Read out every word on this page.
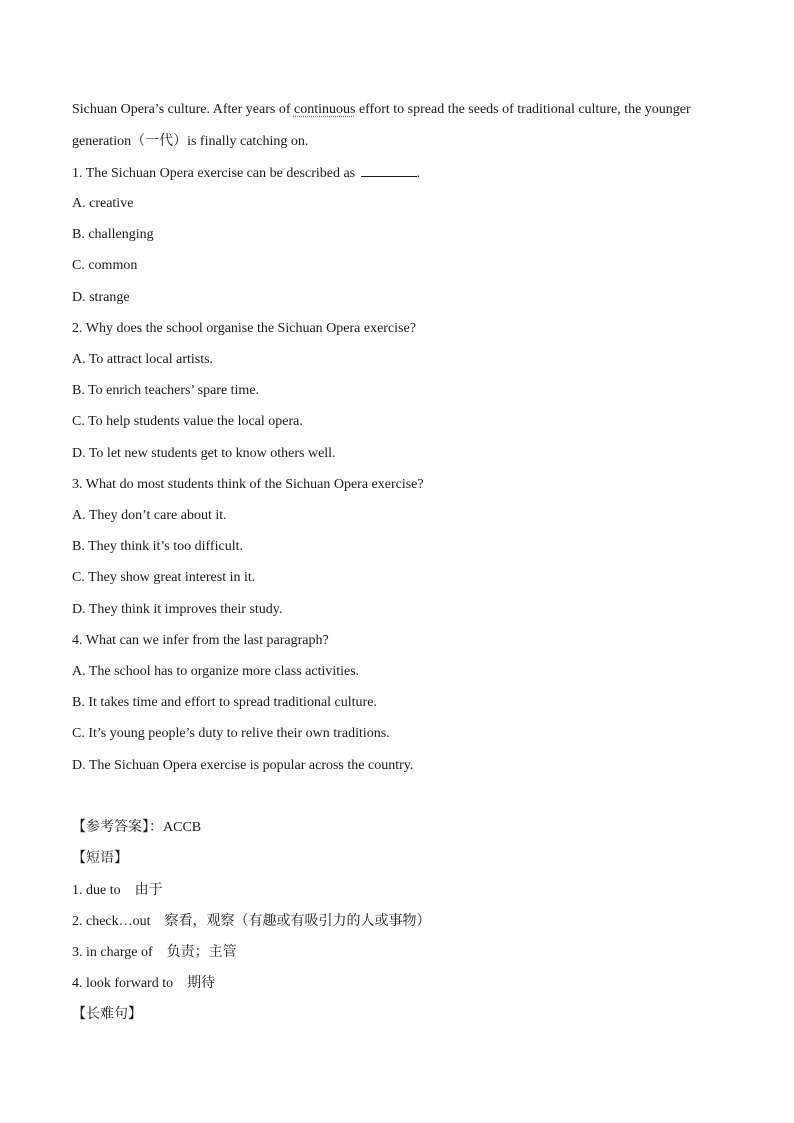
Sichuan Opera’s culture. After years of continuous effort to spread the seeds of traditional culture, the younger
generation（一代）is finally catching on.
1. The Sichuan Opera exercise can be described as	.
A. creative
B. challenging
C. common
D. strange
2. Why does the school organise the Sichuan Opera exercise?
A. To attract local artists.
B. To enrich teachers’ spare time.
C. To help students value the local opera.
D. To let new students get to know others well.
3. What do most students think of the Sichuan Opera exercise?
A. They don’t care about it.
B. They think it’s too difficult.
C. They show great interest in it.
D. They think it improves their study.
4. What can we infer from the last paragraph?
A. The school has to organize more class activities.
B. It takes time and effort to spread traditional culture.
C. It’s young people’s duty to relive their own traditions.
D. The Sichuan Opera exercise is popular across the country.
【参考答案】：ACCB
【短语】
1. due to 由于
2. check…out 察看，观察（有趣或有吸引力的人或事物）
3. in charge of 负责；主管
4. look forward to 期待
【长难句】
